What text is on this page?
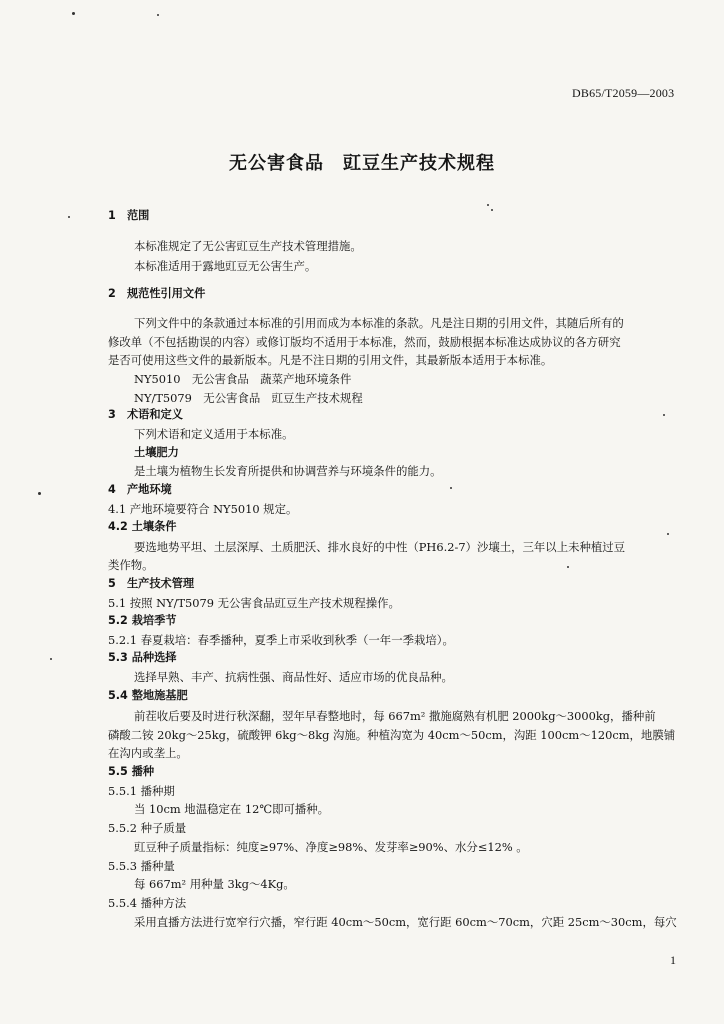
DB65/T2059—2003
无公害食品　豇豆生产技术规程
1　范围
本标准规定了无公害豇豆生产技术管理措施。
本标准适用于露地豇豆无公害生产。
2　规范性引用文件
下列文件中的条款通过本标准的引用而成为本标准的条款。凡是注日期的引用文件，其随后所有的
修改单（不包括勘误的内容）或修订版均不适用于本标准，然而，鼓励根据本标准达成协议的各方研究
是否可使用这些文件的最新版本。凡是不注日期的引用文件，其最新版本适用于本标准。
NY5010　无公害食品　蔬菜产地环境条件
NY/T5079　无公害食品　豇豆生产技术规程
3　术语和定义
下列术语和定义适用于本标准。
土壤肥力
是土壤为植物生长发育所提供和协调营养与环境条件的能力。
4　产地环境
4.1 产地环境要符合 NY5010 规定。
4.2 土壤条件
要选地势平坦、土层深厚、土质肥沃、排水良好的中性（PH6.2-7）沙壤土，三年以上未种植过豆
类作物。
5　生产技术管理
5.1 按照 NY/T5079 无公害食品豇豆生产技术规程操作。
5.2 栽培季节
5.2.1 春夏栽培：春季播种，夏季上市采收到秋季（一年一季栽培）。
5.3 品种选择
选择早熟、丰产、抗病性强、商品性好、适应市场的优良品种。
5.4 整地施基肥
前茬收后要及时进行秋深翻，翌年早春整地时，每 667m² 撒施腐熟有机肥 2000kg～3000kg，播种前
磷酸二铵 20kg～25kg，硫酸钾 6kg～8kg 沟施。种植沟宽为 40cm～50cm，沟距 100cm～120cm，地膜铺
在沟内或垄上。
5.5 播种
5.5.1 播种期
当 10cm 地温稳定在 12℃即可播种。
5.5.2 种子质量
豇豆种子质量指标：纯度≥97%、净度≥98%、发芽率≥90%、水分≤12% 。
5.5.3 播种量
每 667m² 用种量 3kg～4Kg。
5.5.4 播种方法
采用直播方法进行宽窄行穴播，窄行距 40cm～50cm，宽行距 60cm～70cm，穴距 25cm～30cm，每穴
1
